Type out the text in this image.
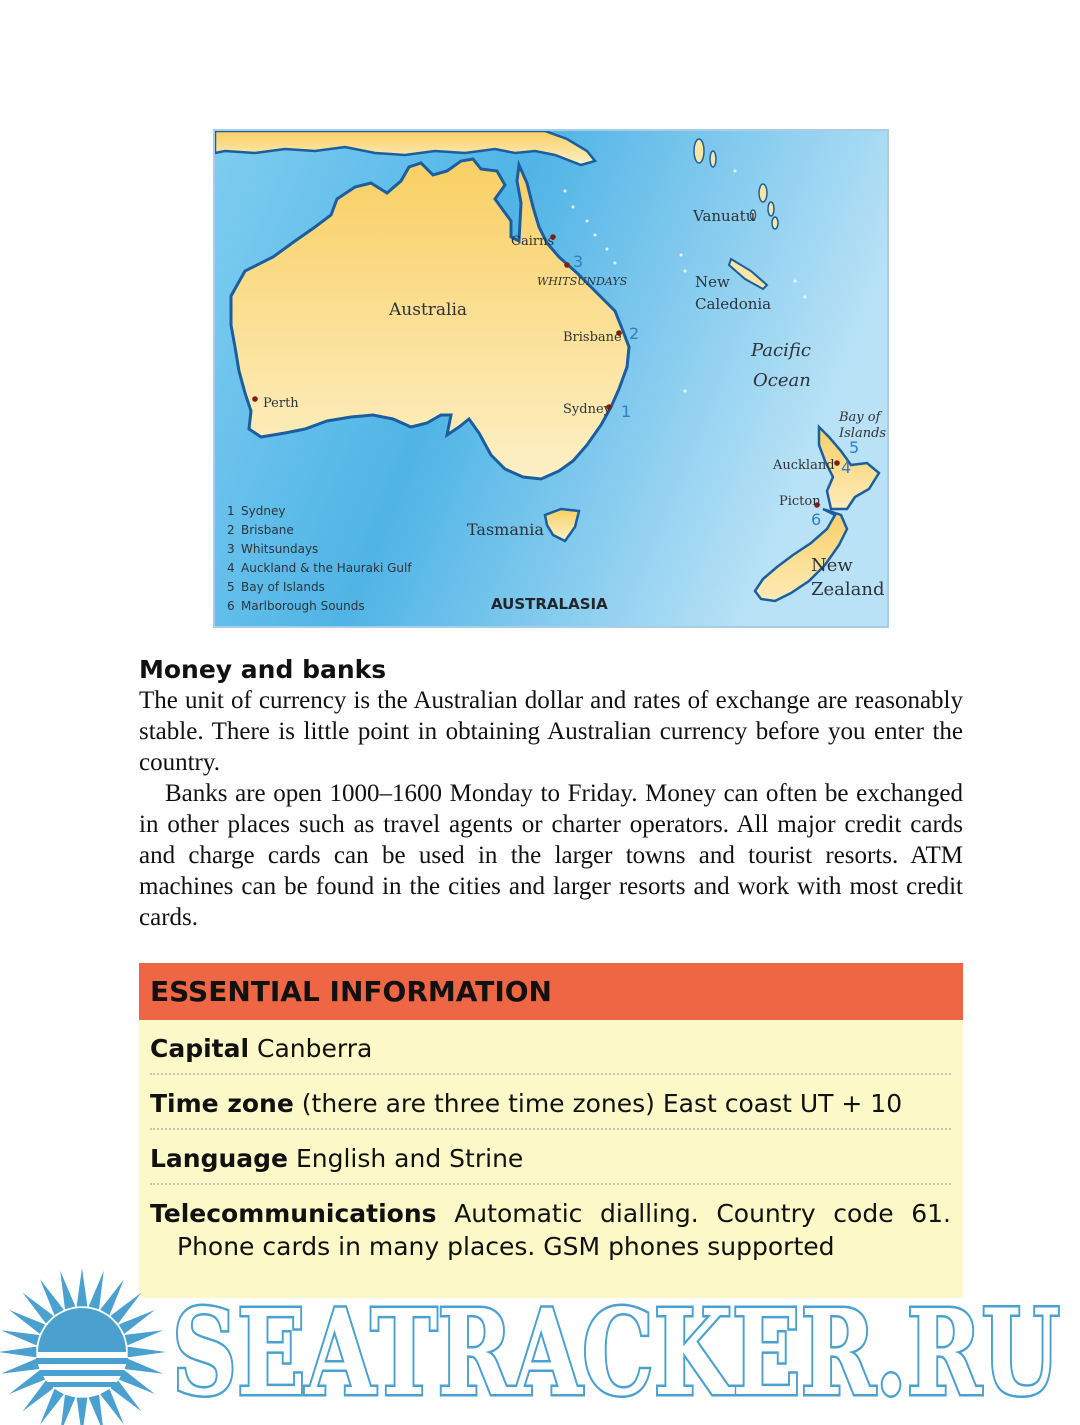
Australia
Tasmania
Vanuatu
New
Caledonia
Pacific
Ocean
Bay of
Islands
New
Zealand
Cairns
WHITSUNDAYS
Brisbane
Sydney
Perth
Auckland
Picton
1
2
3
4
5
6
1 Sydney
2 Brisbane
3 Whitsundays
4 Auckland & the Hauraki Gulf
5 Bay of Islands
6 Marlborough Sounds	AUSTRALASIA
Money and banks

The unit of currency is the Australian dollar and rates of exchange are reasonably stable. There is little point in obtaining Australian currency before you enter the country.

Banks are open 1000–1600 Monday to Friday. Money can often be exchanged in other places such as travel agents or charter operators. All major credit cards and charge cards can be used in the larger towns and tourist resorts. ATM machines can be found in the cities and larger resorts and work with most credit cards.

ESSENTIAL INFORMATION
Capital Canberra
Time zone (there are three time zones) East coast UT + 10
Language English and Strine
Telecommunications Automatic dialling. Country code 61. Phone cards in many places. GSM phones supported
SEATRACKER.RU
